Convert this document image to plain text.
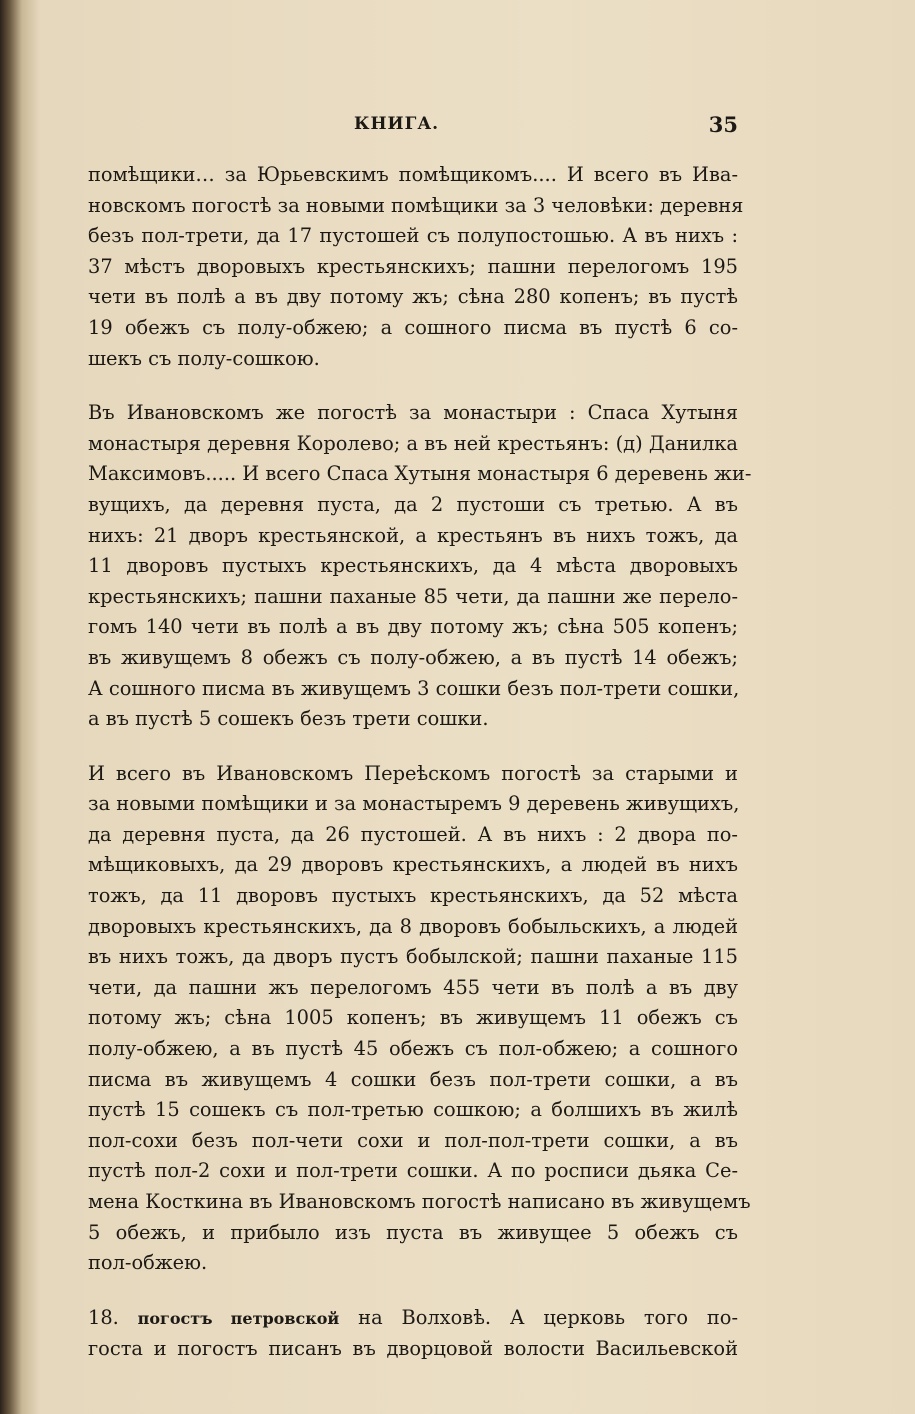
КНИГА.	35

помѣщики… за Юрьевскимъ помѣщикомъ.... И всего въ Ива-
новскомъ погостѣ за новыми помѣщики за 3 человѣки: деревня
безъ пол-трети, да 17 пустошей съ полупостошью. А въ нихъ :
37 мѣстъ дворовыхъ крестьянскихъ; пашни перелогомъ 195
чети въ полѣ а въ дву потому жъ; сѣна 280 копенъ; въ пустѣ
19 обежъ съ полу-обжею; а сошного писма въ пустѣ 6 со-
шекъ съ полу-сошкою.

Въ Ивановскомъ же погостѣ за монастыри : Спаса Хутыня
монастыря деревня Королево; а въ ней крестьянъ: (д) Данилка
Максимовъ..... И всего Спаса Хутыня монастыря 6 деревень жи-
вущихъ, да деревня пуста, да 2 пустоши съ третью. А въ
нихъ: 21 дворъ крестьянской, а крестьянъ въ нихъ тожъ, да
11 дворовъ пустыхъ крестьянскихъ, да 4 мѣста дворовыхъ
крестьянскихъ; пашни паханые 85 чети, да пашни же перело-
гомъ 140 чети въ полѣ а въ дву потому жъ; сѣна 505 копенъ;
въ живущемъ 8 обежъ съ полу-обжею, а въ пустѣ 14 обежъ;
А сошного писма въ живущемъ 3 сошки безъ пол-трети сошки,
а въ пустѣ 5 сошекъ безъ трети сошки.

И всего въ Ивановскомъ Переѣскомъ погостѣ за старыми и
за новыми помѣщики и за монастыремъ 9 деревень живущихъ,
да деревня пуста, да 26 пустошей. А въ нихъ : 2 двора по-
мѣщиковыхъ, да 29 дворовъ крестьянскихъ, а людей въ нихъ
тожъ, да 11 дворовъ пустыхъ крестьянскихъ, да 52 мѣста
дворовыхъ крестьянскихъ, да 8 дворовъ бобыльскихъ, а людей
въ нихъ тожъ, да дворъ пустъ бобылской; пашни паханые 115
чети, да пашни жъ перелогомъ 455 чети въ полѣ а въ дву
потому жъ; сѣна 1005 копенъ; въ живущемъ 11 обежъ съ
полу-обжею, а въ пустѣ 45 обежъ съ пол-обжею; а сошного
писма въ живущемъ 4 сошки безъ пол-трети сошки, а въ
пустѣ 15 сошекъ съ пол-третью сошкою; а болшихъ въ жилѣ
пол-сохи безъ пол-чети сохи и пол-пол-трети сошки, а въ
пустѣ пол-2 сохи и пол-трети сошки. А по росписи дьяка Се-
мена Косткина въ Ивановскомъ погостѣ написано въ живущемъ
5 обежъ, и прибыло изъ пуста въ живущее 5 обежъ съ
пол-обжею.

18. погостъ петровской на Волховѣ. А церковь того по-
госта и погостъ писанъ въ дворцовой волости Васильевской
